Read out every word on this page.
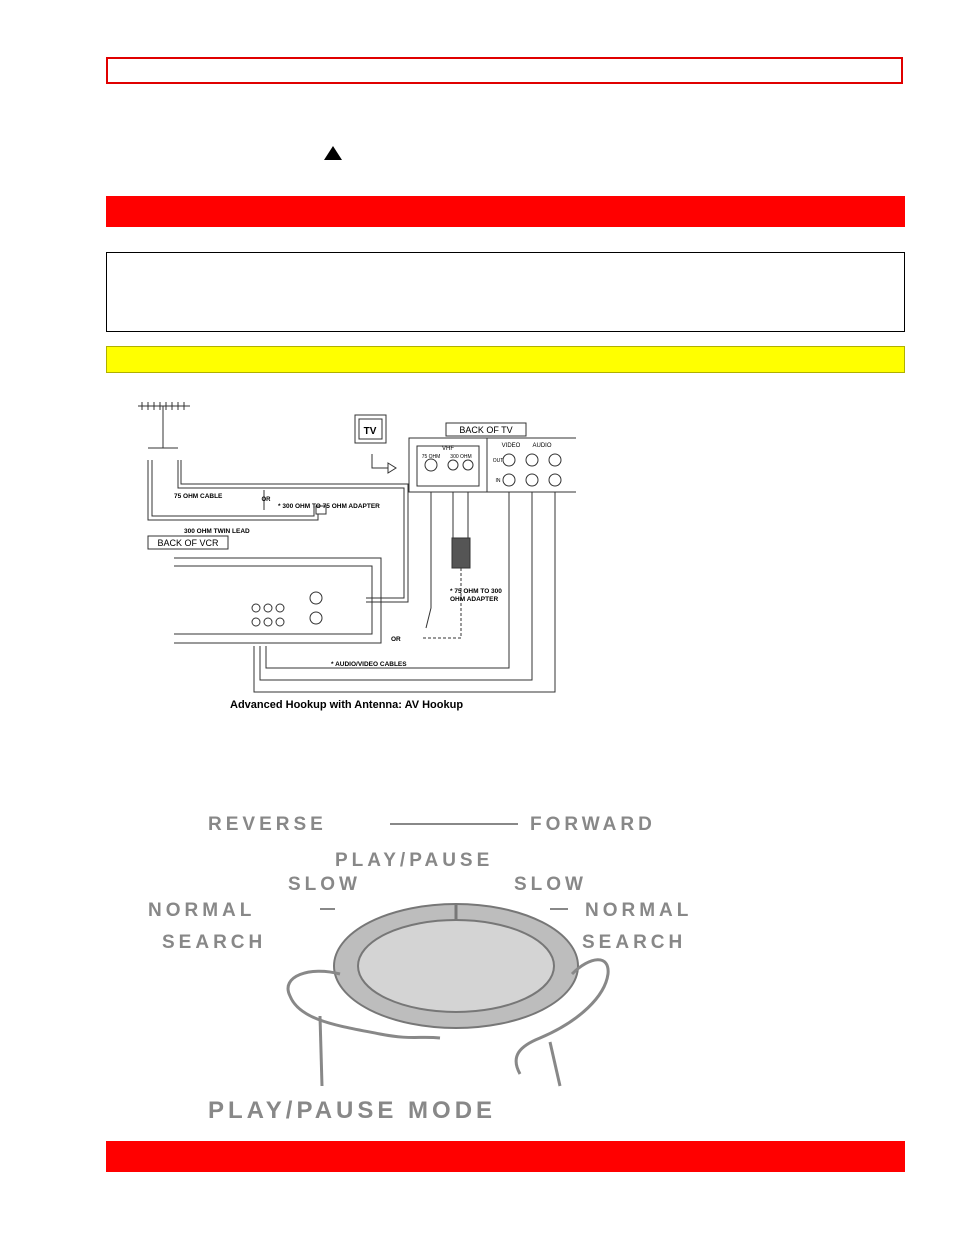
BACK OF TV
TV
VHF
75 OHM 300 OHM
VIDEO AUDIO
OUT
IN
75 OHM CABLE	OR
* 300 OHM TO 75 OHM ADAPTER
300 OHM TWIN LEAD
BACK OF VCR
* 75 OHM TO 300
OHM ADAPTER
OR
* AUDIO/VIDEO CABLES
Advanced Hookup with Antenna: AV Hookup
REVERSE	FORWARD
PLAY/PAUSE
SLOW	SLOW
NORMAL	NORMAL
SEARCH	SEARCH
PLAY/PAUSE MODE
